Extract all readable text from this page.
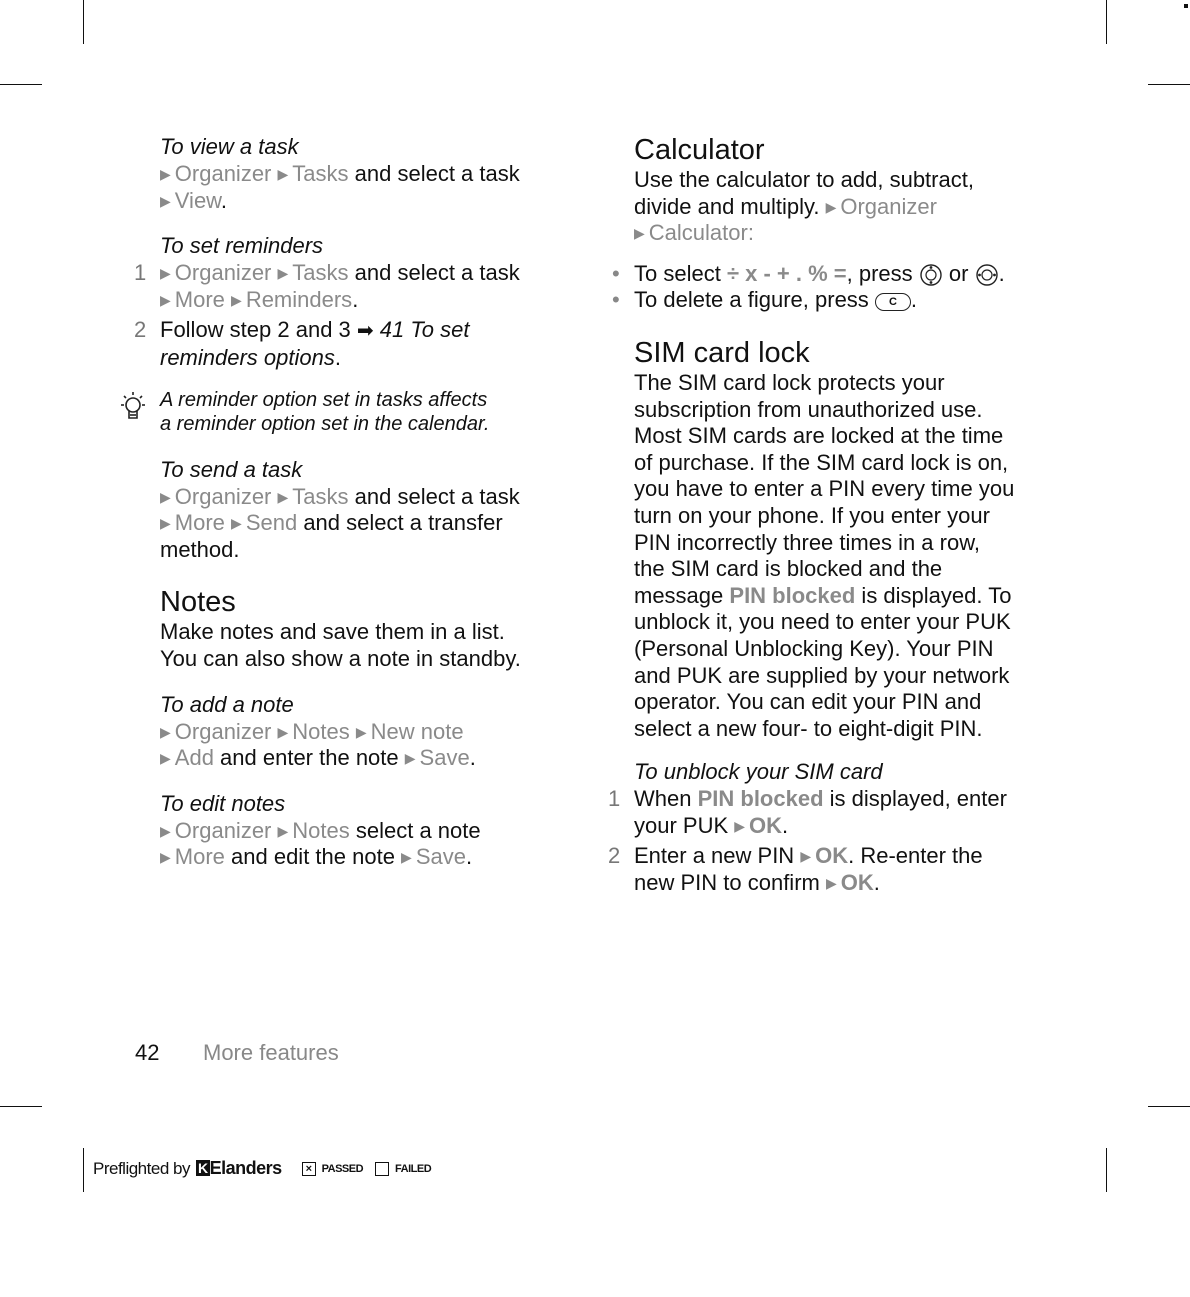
To view a task

▶ Organizer ▶ Tasks and select a task

▶ View.

To set reminders

1 ▶ Organizer ▶ Tasks and select a task

▶ More ▶ Reminders.

2 Follow step 2 and 3 ➡ 41 To set

reminders options.

A reminder option set in tasks affects
a reminder option set in the calendar.

To send a task

▶ Organizer ▶ Tasks and select a task

▶ More ▶ Send and select a transfer

method.

Notes

Make notes and save them in a list.

You can also show a note in standby.

To add a note

▶ Organizer ▶ Notes ▶ New note

▶ Add and enter the note ▶ Save.

To edit notes

▶ Organizer ▶ Notes select a note

▶ More and edit the note ▶ Save.

Calculator

Use the calculator to add, subtract,

divide and multiply. ▶ Organizer

▶ Calculator:

• To select ÷ x - + . % =, press  or .

• To delete a figure, press C .

SIM card lock

The SIM card lock protects your

subscription from unauthorized use.

Most SIM cards are locked at the time

of purchase. If the SIM card lock is on,

you have to enter a PIN every time you

turn on your phone. If you enter your

PIN incorrectly three times in a row,

the SIM card is blocked and the

message PIN blocked is displayed. To

unblock it, you need to enter your PUK

(Personal Unblocking Key). Your PIN

and PUK are supplied by your network

operator. You can edit your PIN and

select a new four- to eight-digit PIN.

To unblock your SIM card

1 When PIN blocked is displayed, enter

your PUK ▶ OK.

2 Enter a new PIN ▶ OK. Re-enter the

new PIN to confirm ▶ OK.

42 More features
Preflighted by K Elanders	× PASSED	FAILED
